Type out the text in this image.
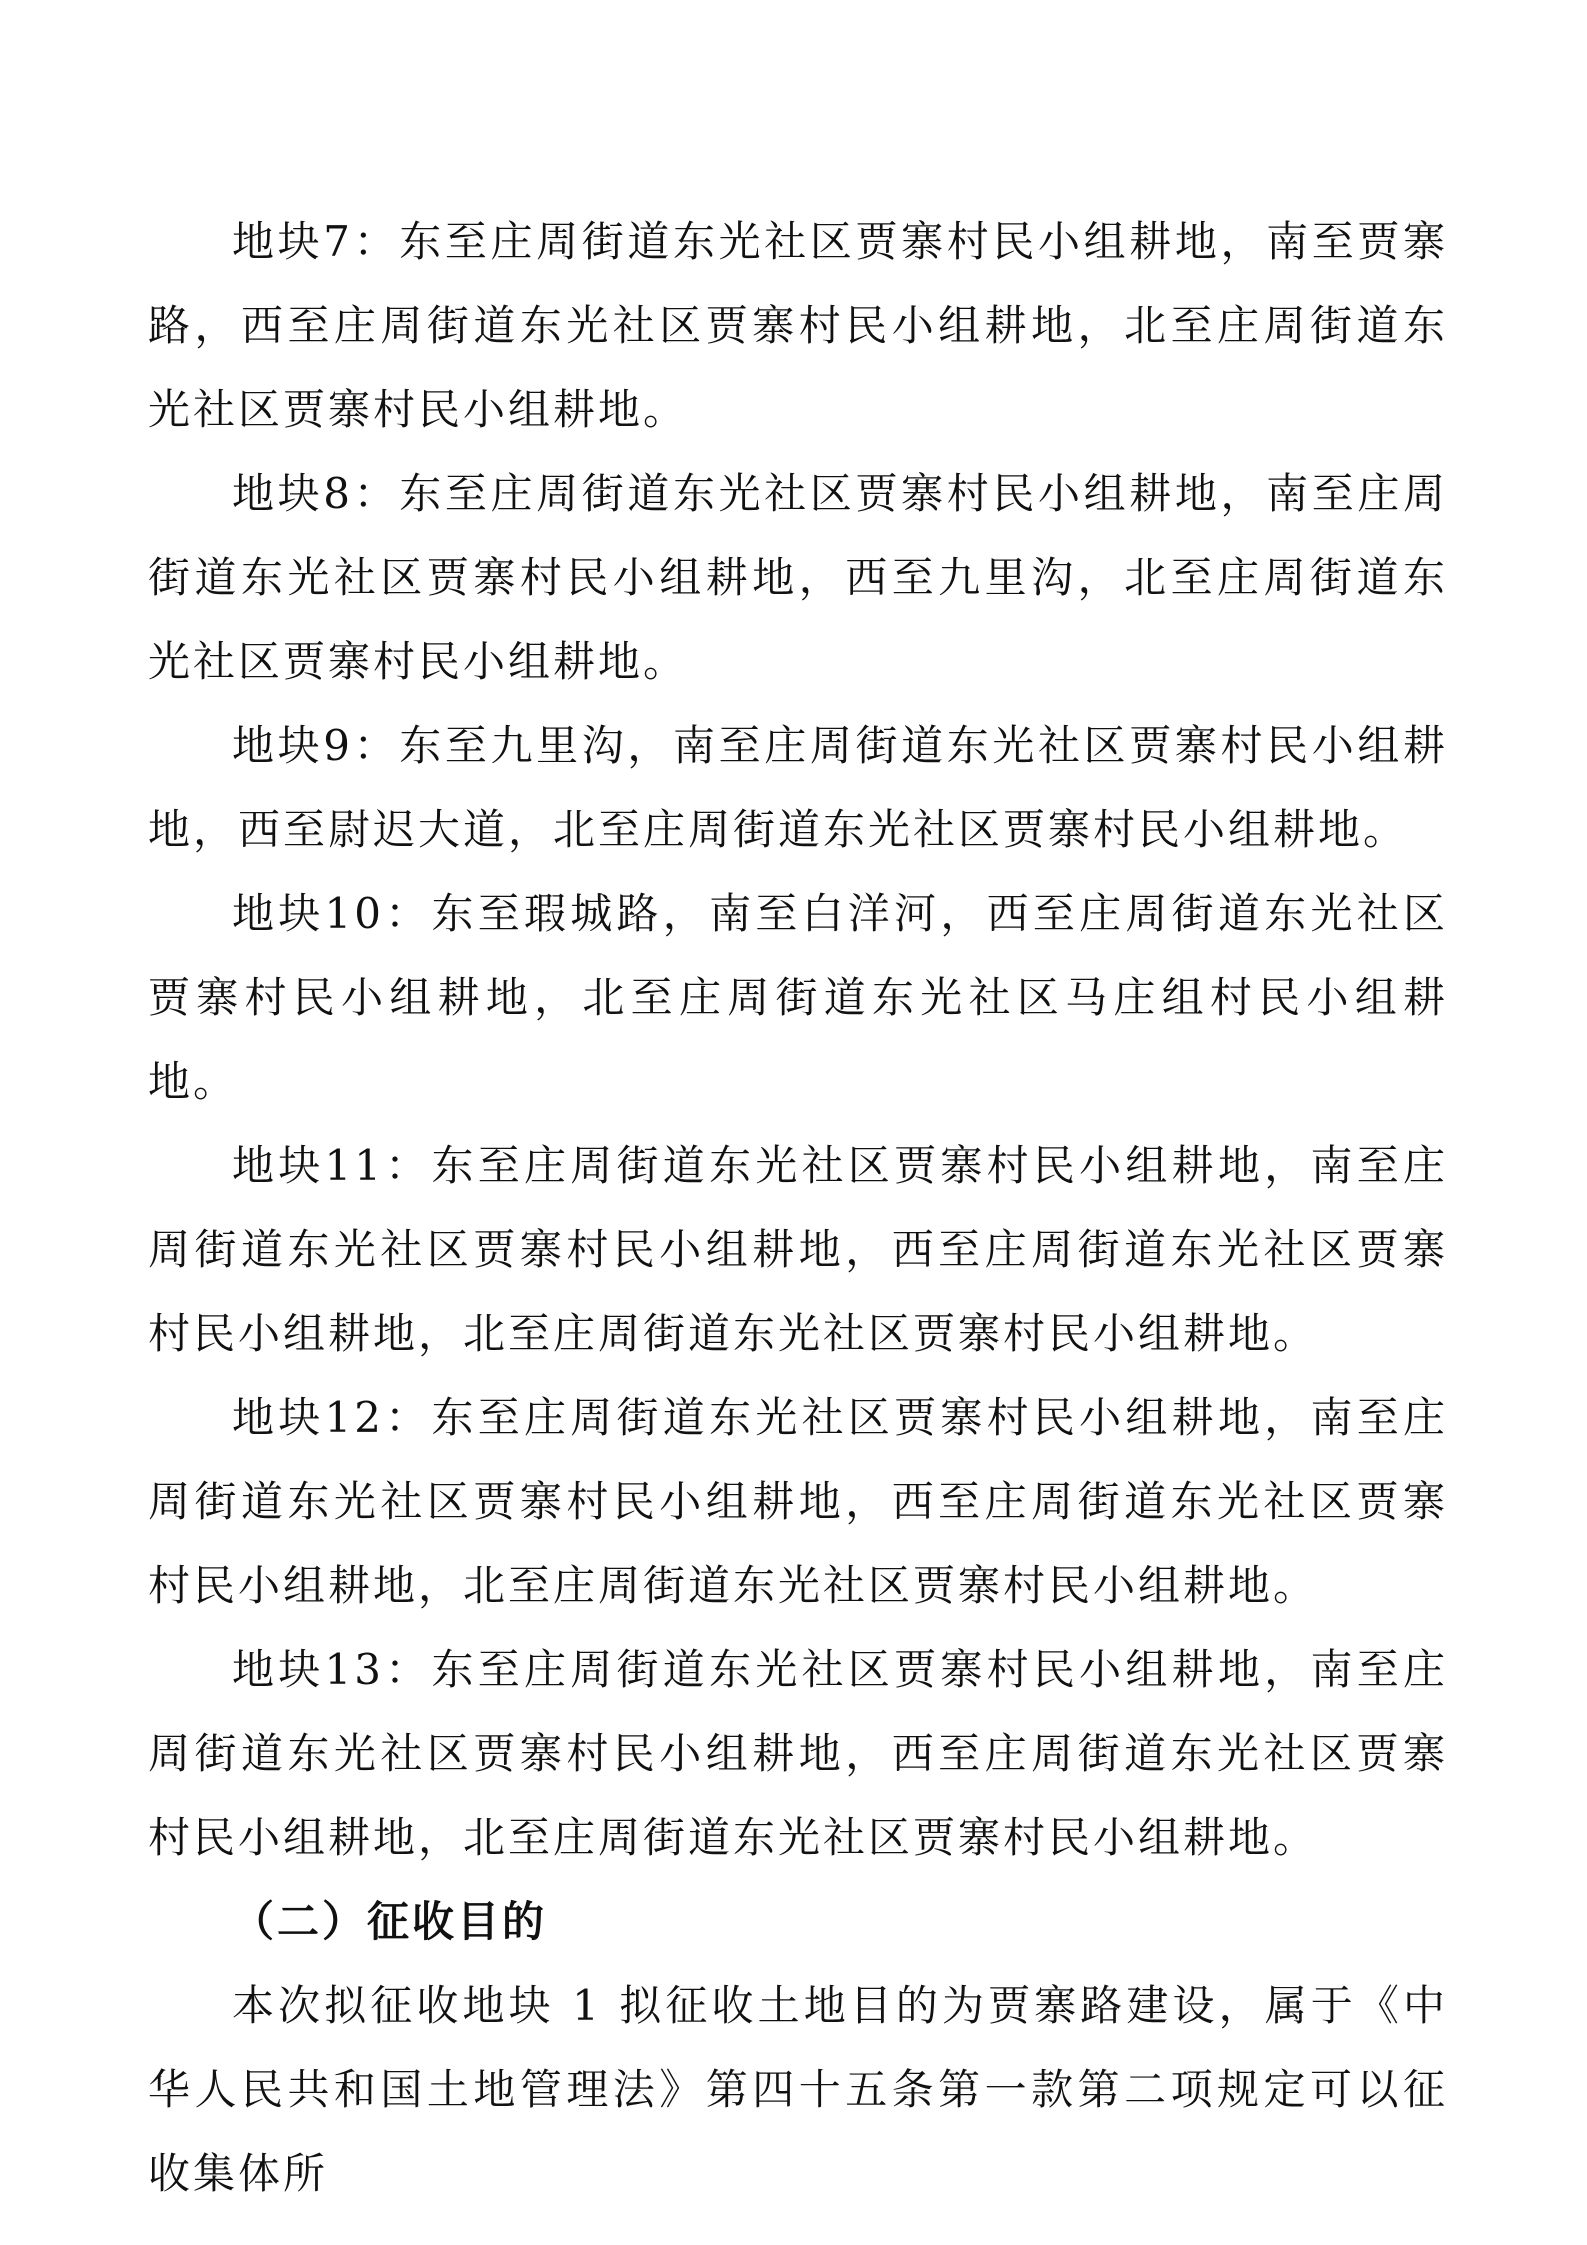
地块7：东至庄周街道东光社区贾寨村民小组耕地，南至贾寨路，西至庄周街道东光社区贾寨村民小组耕地，北至庄周街道东光社区贾寨村民小组耕地。

地块8：东至庄周街道东光社区贾寨村民小组耕地，南至庄周街道东光社区贾寨村民小组耕地，西至九里沟，北至庄周街道东光社区贾寨村民小组耕地。

地块9：东至九里沟，南至庄周街道东光社区贾寨村民小组耕地，西至尉迟大道，北至庄周街道东光社区贾寨村民小组耕地。

地块10：东至瑕城路，南至白洋河，西至庄周街道东光社区贾寨村民小组耕地，北至庄周街道东光社区马庄组村民小组耕地。

地块11：东至庄周街道东光社区贾寨村民小组耕地，南至庄周街道东光社区贾寨村民小组耕地，西至庄周街道东光社区贾寨村民小组耕地，北至庄周街道东光社区贾寨村民小组耕地。

地块12：东至庄周街道东光社区贾寨村民小组耕地，南至庄周街道东光社区贾寨村民小组耕地，西至庄周街道东光社区贾寨村民小组耕地，北至庄周街道东光社区贾寨村民小组耕地。

地块13：东至庄周街道东光社区贾寨村民小组耕地，南至庄周街道东光社区贾寨村民小组耕地，西至庄周街道东光社区贾寨村民小组耕地，北至庄周街道东光社区贾寨村民小组耕地。

（二）征收目的

本次拟征收地块 1 拟征收土地目的为贾寨路建设，属于《中华人民共和国土地管理法》第四十五条第一款第二项规定可以征收集体所
